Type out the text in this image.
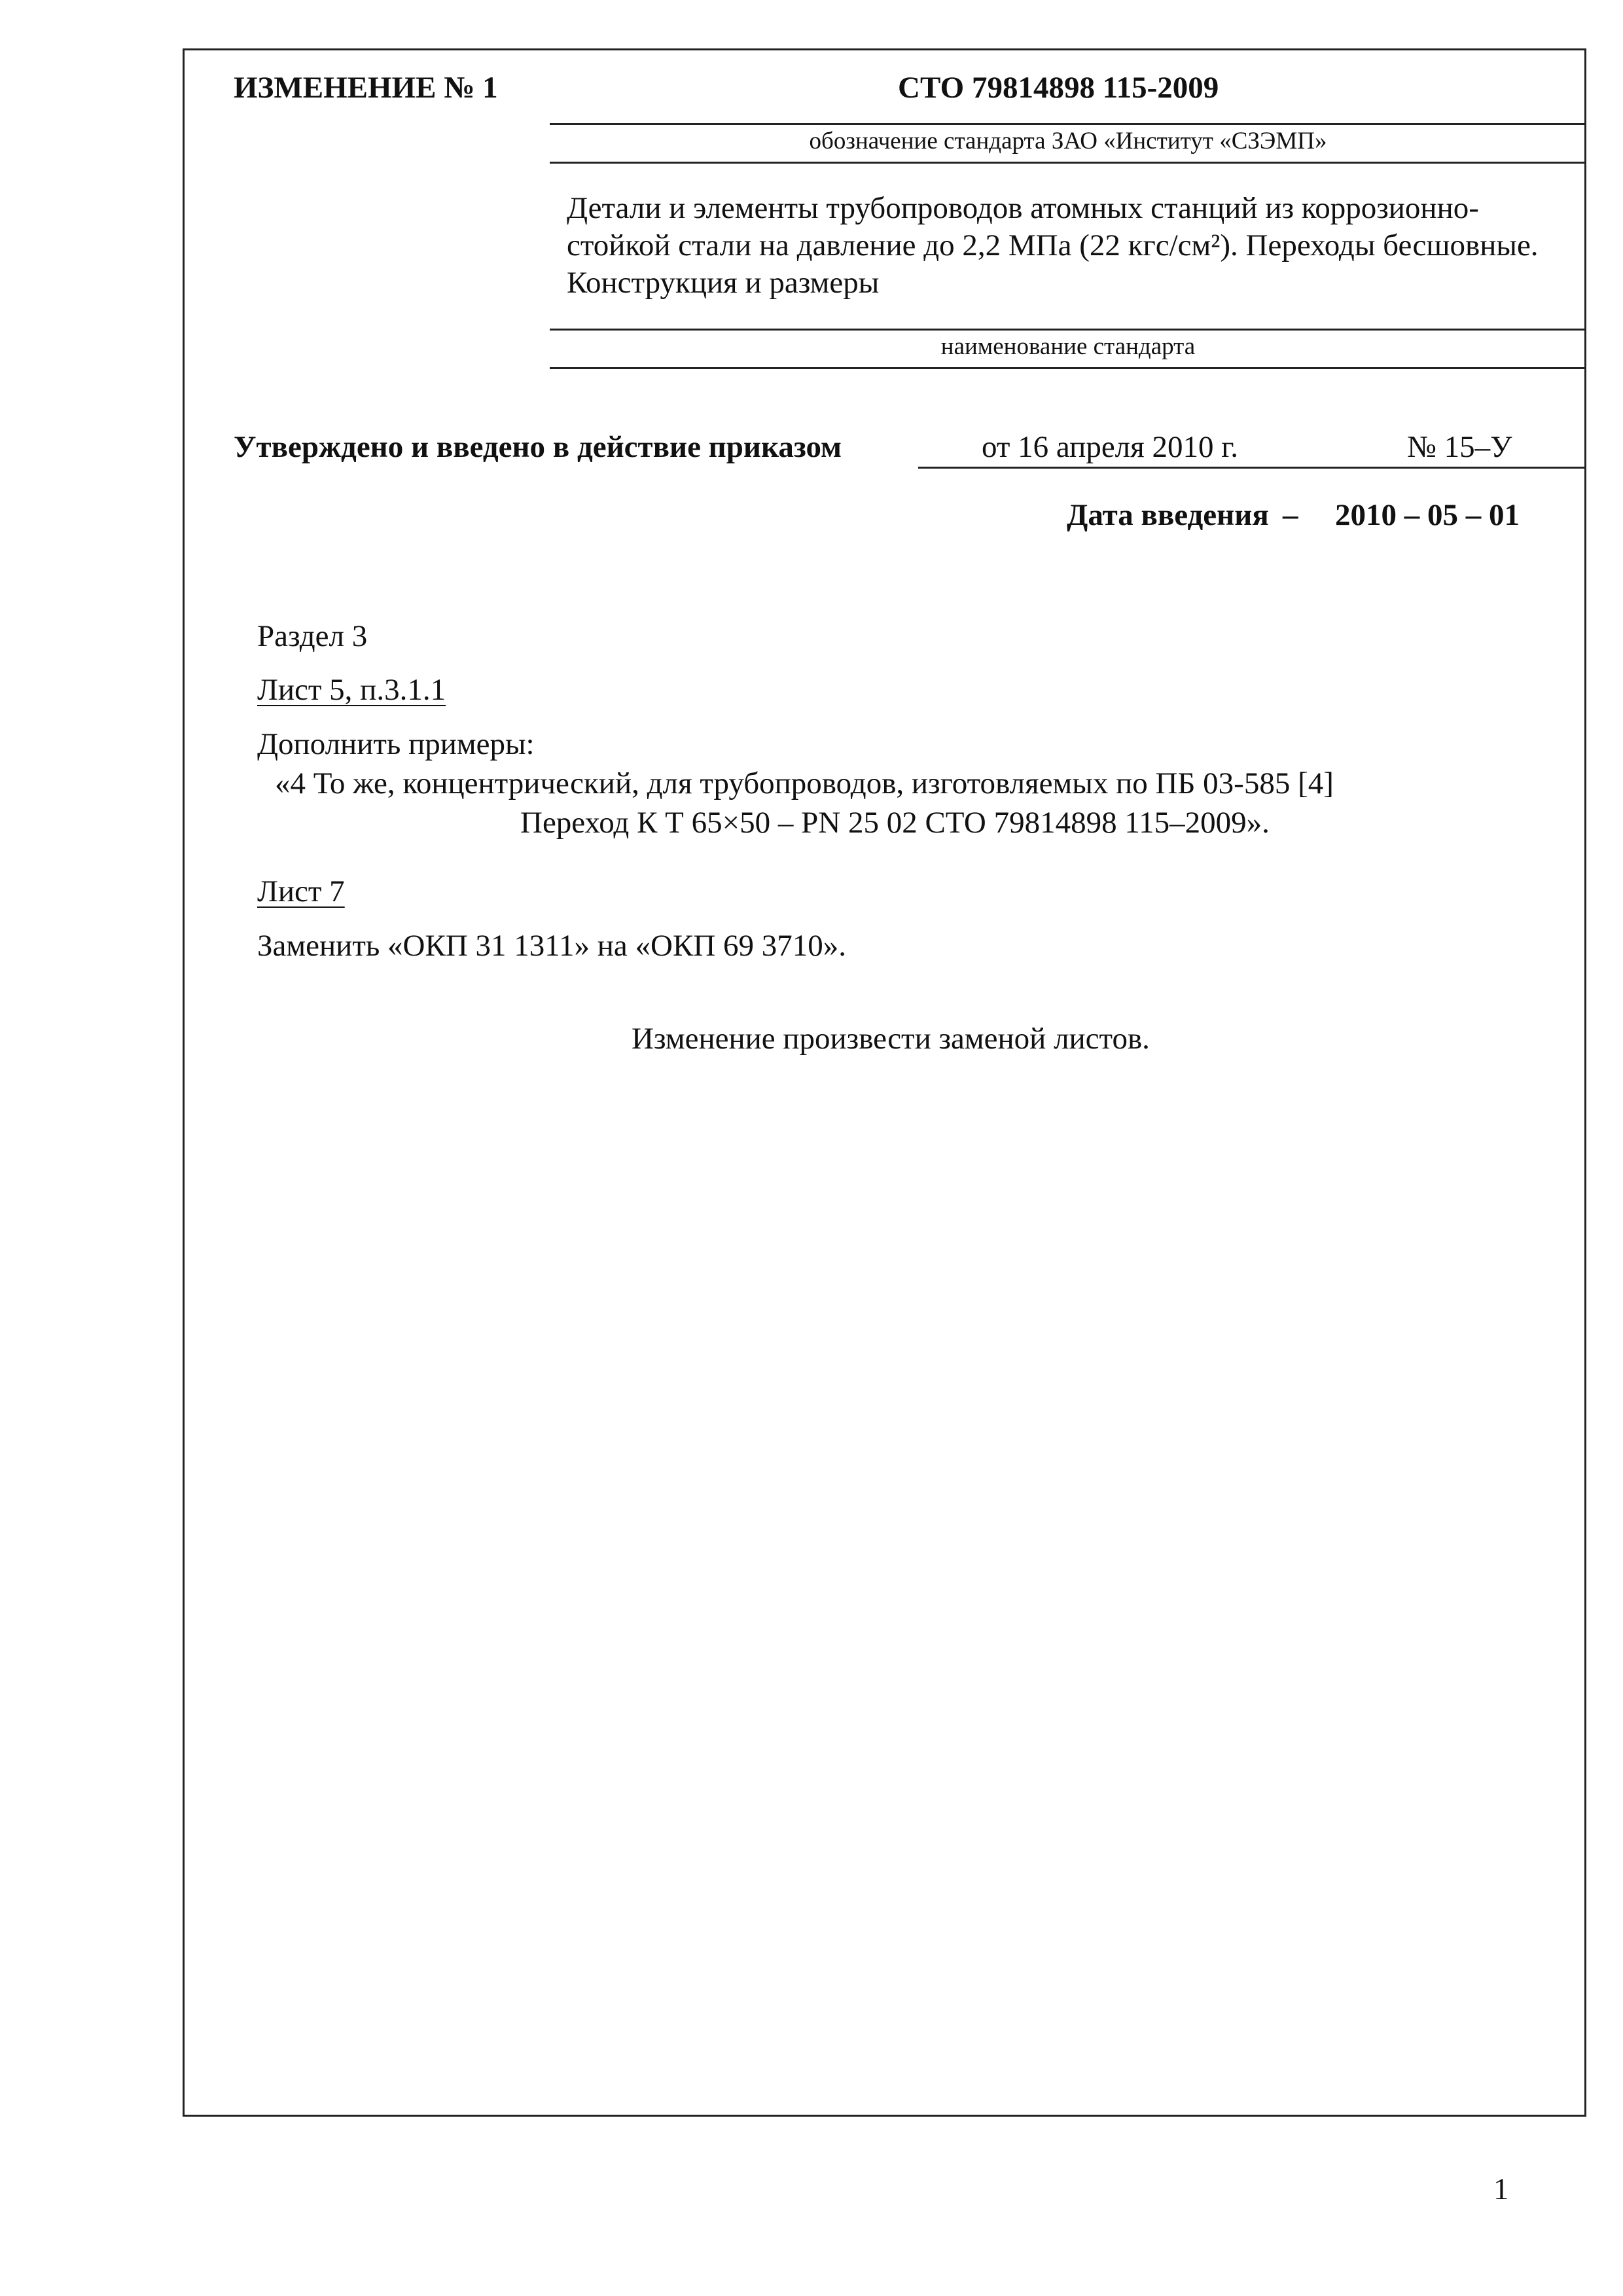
ИЗМЕНЕНИЕ № 1	СТО 79814898 115-2009
обозначение стандарта ЗАО «Институт «СЗЭМП»
Детали и элементы трубопроводов атомных станций из коррозионно-стойкой стали на давление до 2,2 МПа (22 кгс/см²). Переходы бесшовные. Конструкция и размеры
наименование стандарта
Утверждено и введено в действие приказом	от 16 апреля 2010 г.	№ 15–У
Дата введения – 2010 – 05 – 01
Раздел 3
Лист 5, п.3.1.1
Дополнить примеры:
«4 То же, концентрический, для трубопроводов, изготовляемых по ПБ 03-585 [4]
Переход К Т 65×50 – PN 25 02 СТО 79814898 115–2009».
Лист 7
Заменить «ОКП 31 1311» на «ОКП 69 3710».
Изменение произвести заменой листов.
1
